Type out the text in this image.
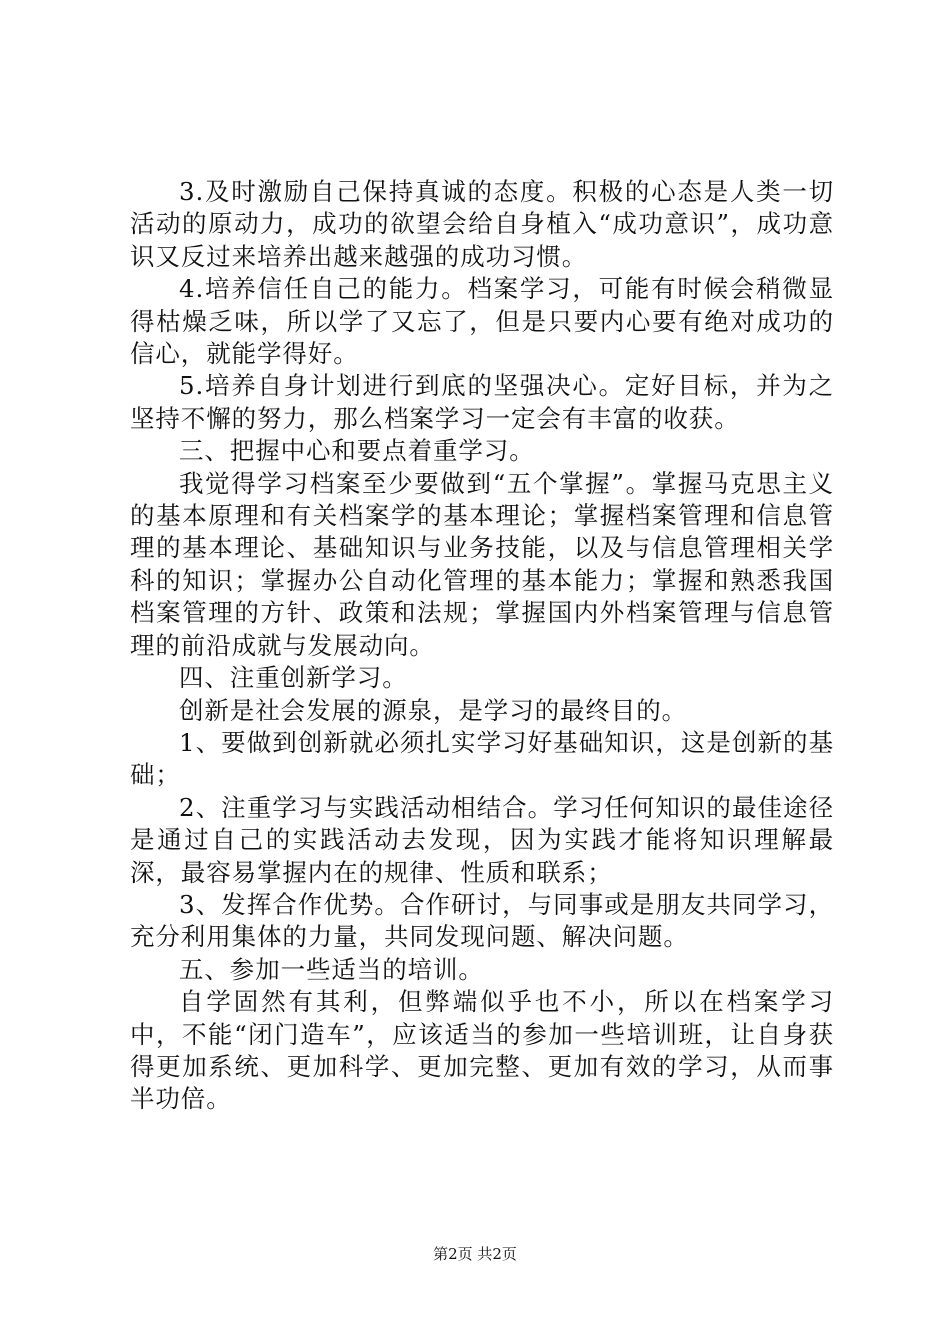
3.及时激励自己保持真诚的态度。积极的心态是人类一切活动的原动力，成功的欲望会给自身植入“成功意识”，成功意识又反过来培养出越来越强的成功习惯。

4.培养信任自己的能力。档案学习，可能有时候会稍微显得枯燥乏味，所以学了又忘了，但是只要内心要有绝对成功的信心，就能学得好。

5.培养自身计划进行到底的坚强决心。定好目标，并为之坚持不懈的努力，那么档案学习一定会有丰富的收获。

三、把握中心和要点着重学习。

我觉得学习档案至少要做到“五个掌握”。掌握马克思主义的基本原理和有关档案学的基本理论；掌握档案管理和信息管理的基本理论、基础知识与业务技能，以及与信息管理相关学科的知识；掌握办公自动化管理的基本能力；掌握和熟悉我国档案管理的方针、政策和法规；掌握国内外档案管理与信息管理的前沿成就与发展动向。

四、注重创新学习。

创新是社会发展的源泉，是学习的最终目的。

1、要做到创新就必须扎实学习好基础知识，这是创新的基础；

2、注重学习与实践活动相结合。学习任何知识的最佳途径是通过自己的实践活动去发现，因为实践才能将知识理解最深，最容易掌握内在的规律、性质和联系；

3、发挥合作优势。合作研讨，与同事或是朋友共同学习，充分利用集体的力量，共同发现问题、解决问题。

五、参加一些适当的培训。

自学固然有其利，但弊端似乎也不小，所以在档案学习中，不能“闭门造车”，应该适当的参加一些培训班，让自身获得更加系统、更加科学、更加完整、更加有效的学习，从而事半功倍。

第2页 共2页
